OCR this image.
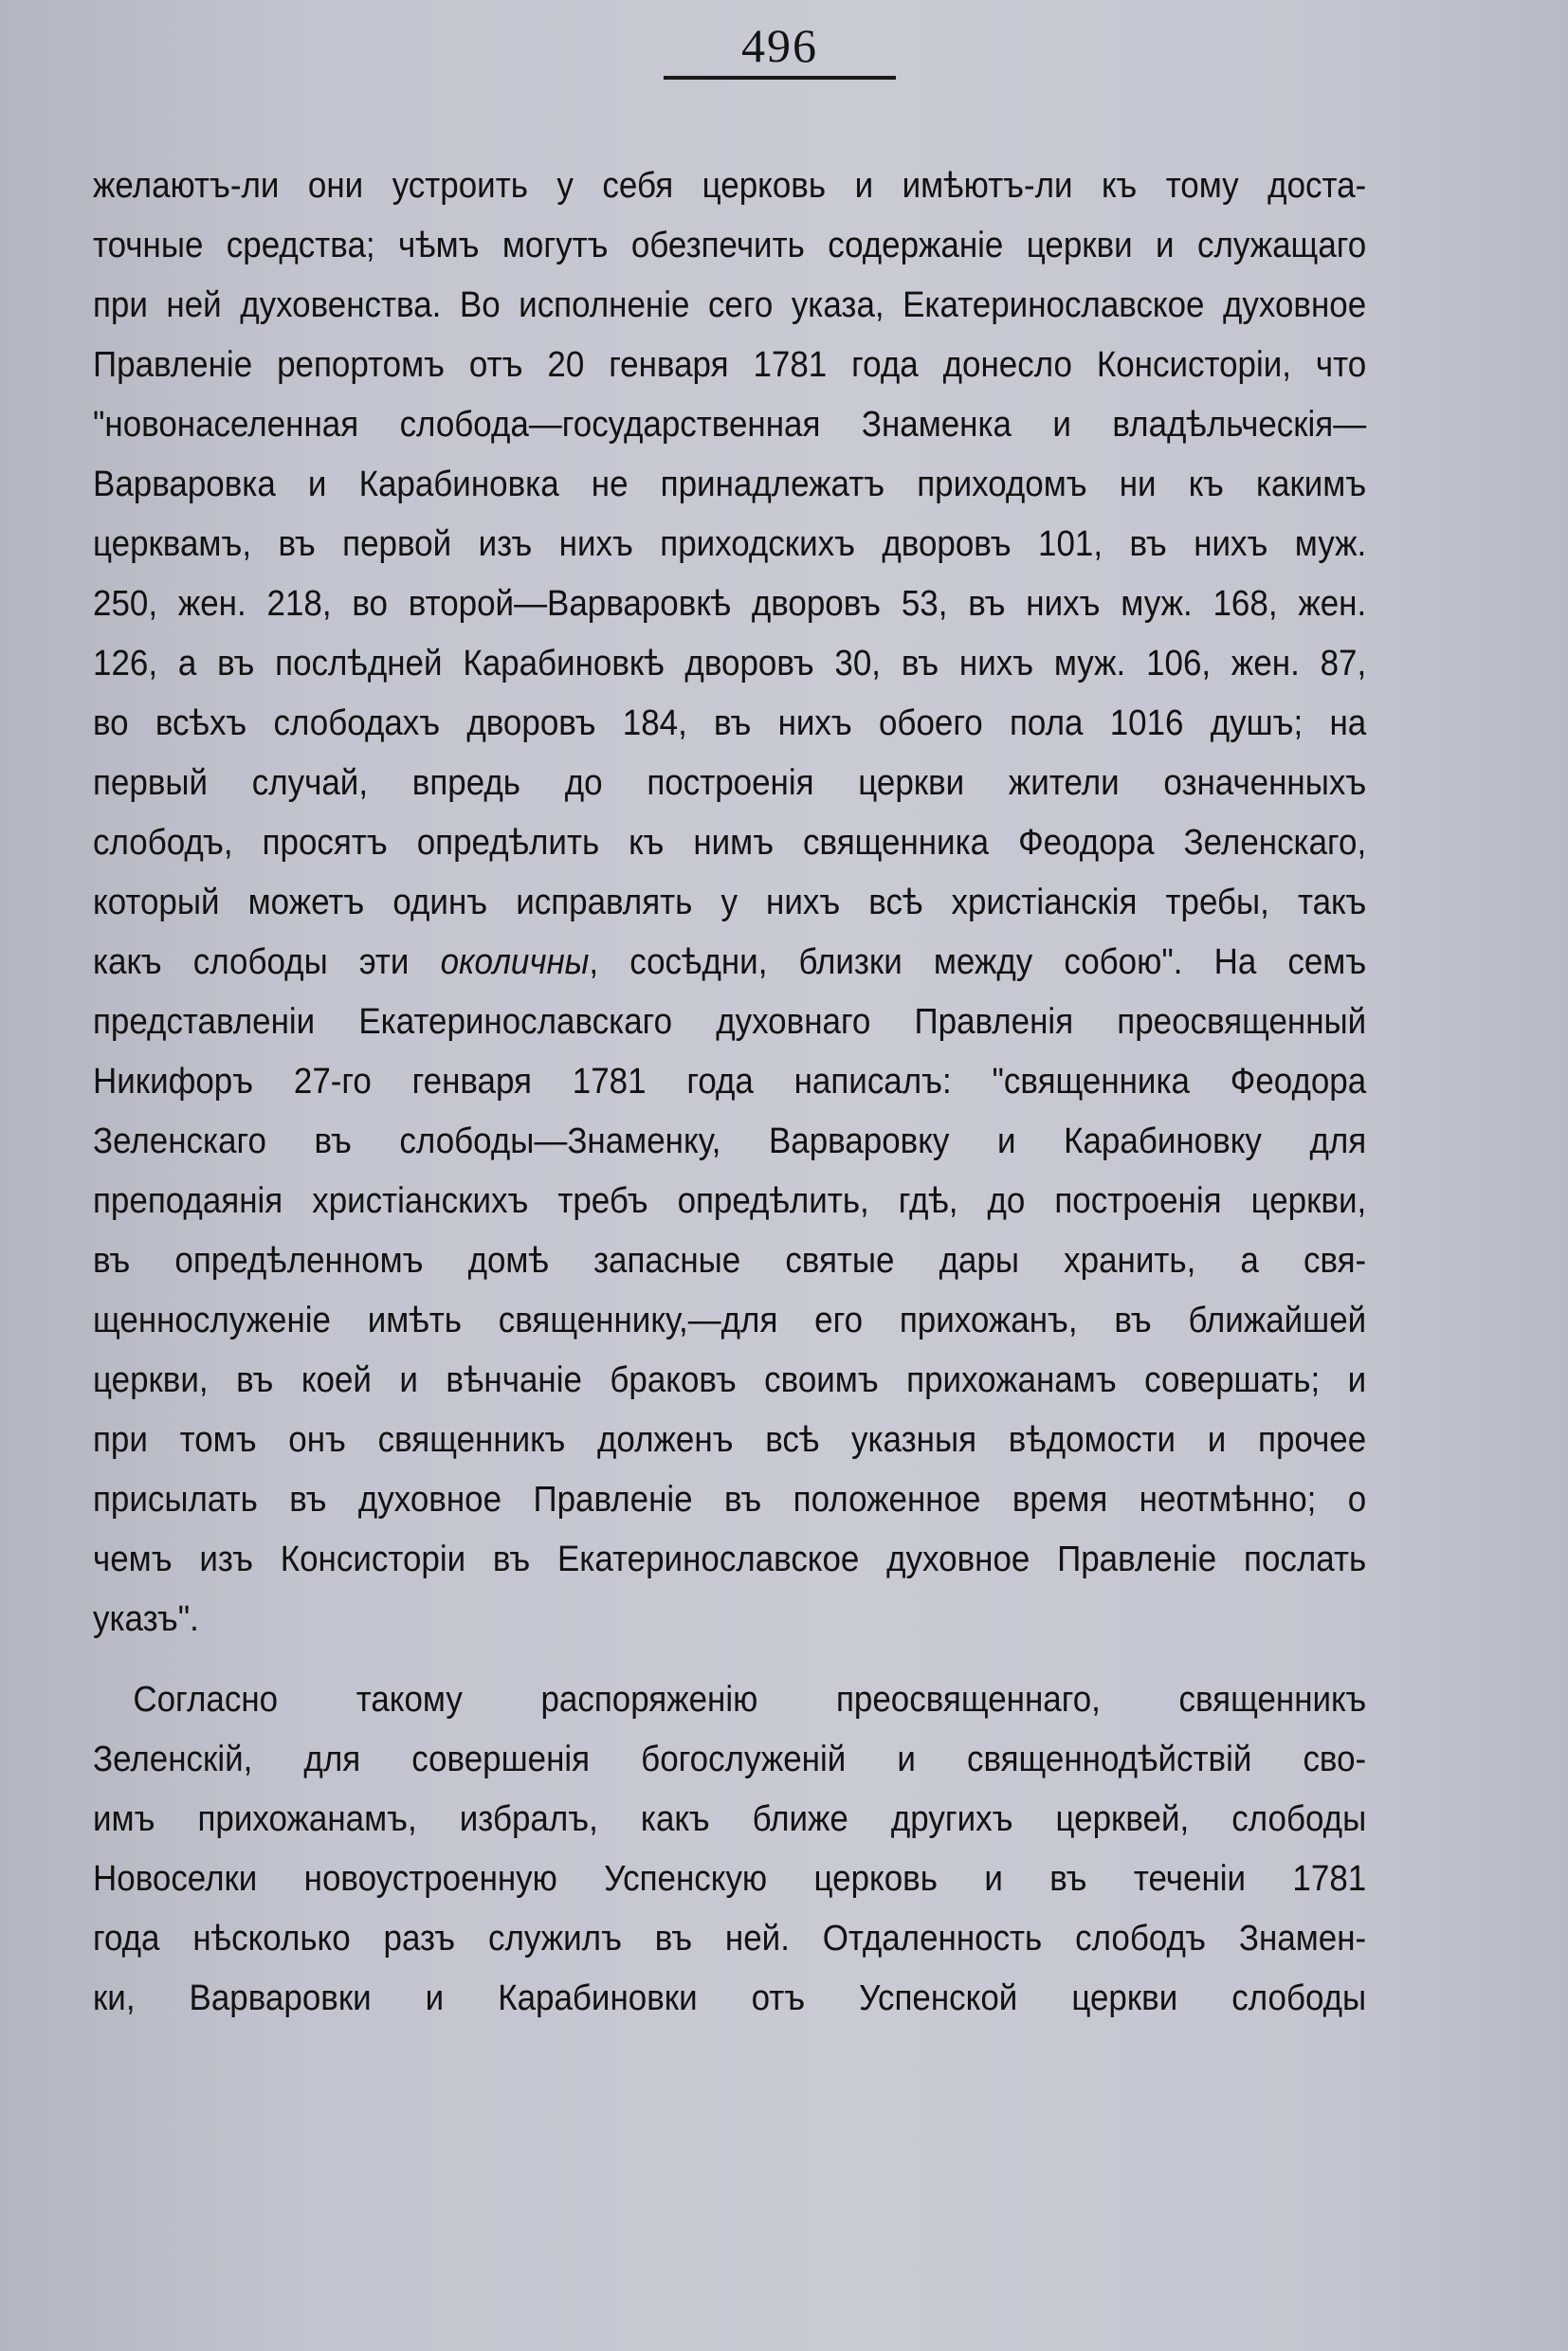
496
желаютъ-ли они устроить у себя церковь и имѣютъ-ли къ тому доста-
точные средства; чѣмъ могутъ обезпечить содержаніе церкви и служащаго
при ней духовенства. Во исполненіе сего указа, Екатеринославское духовное
Правленіе репортомъ отъ 20 генваря 1781 года донесло Консисторіи, что
"новонаселенная слобода—государственная Знаменка и владѣльческія—
Варваровка и Карабиновка не принадлежатъ приходомъ ни къ какимъ
церквамъ, въ первой изъ нихъ приходскихъ дворовъ 101, въ нихъ муж.
250, жен. 218, во второй—Варваровкѣ дворовъ 53, въ нихъ муж. 168, жен.
126, а въ послѣдней Карабиновкѣ дворовъ 30, въ нихъ муж. 106, жен. 87,
во всѣхъ слободахъ дворовъ 184, въ нихъ обоего пола 1016 душъ; на
первый случай, впредь до построенія церкви жители означенныхъ
слободъ, просятъ опредѣлить къ нимъ священника Феодора Зеленскаго,
который можетъ одинъ исправлять у нихъ всѣ христіанскія требы, такъ
какъ слободы эти околичны, сосѣдни, близки между собою". На семъ
представленіи Екатеринославскаго духовнаго Правленія преосвященный
Никифоръ 27-го генваря 1781 года написалъ: "священника Феодора
Зеленскаго въ слободы—Знаменку, Варваровку и Карабиновку для
преподаянія христіанскихъ требъ опредѣлить, гдѣ, до построенія церкви,
въ опредѣленномъ домѣ запасные святые дары хранить, а свя-
щеннослуженіе имѣть священнику,—для его прихожанъ, въ ближайшей
церкви, въ коей и вѣнчаніе браковъ своимъ прихожанамъ совершать; и
при томъ онъ священникъ долженъ всѣ указныя вѣдомости и прочее
присылать въ духовное Правленіе въ положенное время неотмѣнно; о
чемъ изъ Консисторіи въ Екатеринославское духовное Правленіе послать
указъ".
Согласно такому распоряженію преосвященнаго, священникъ
Зеленскій, для совершенія богослуженій и священнодѣйствій сво-
имъ прихожанамъ, избралъ, какъ ближе другихъ церквей, слободы
Новоселки новоустроенную Успенскую церковь и въ теченіи 1781
года нѣсколько разъ служилъ въ ней. Отдаленность слободъ Знамен-
ки, Варваровки и Карабиновки отъ Успенской церкви слободы
